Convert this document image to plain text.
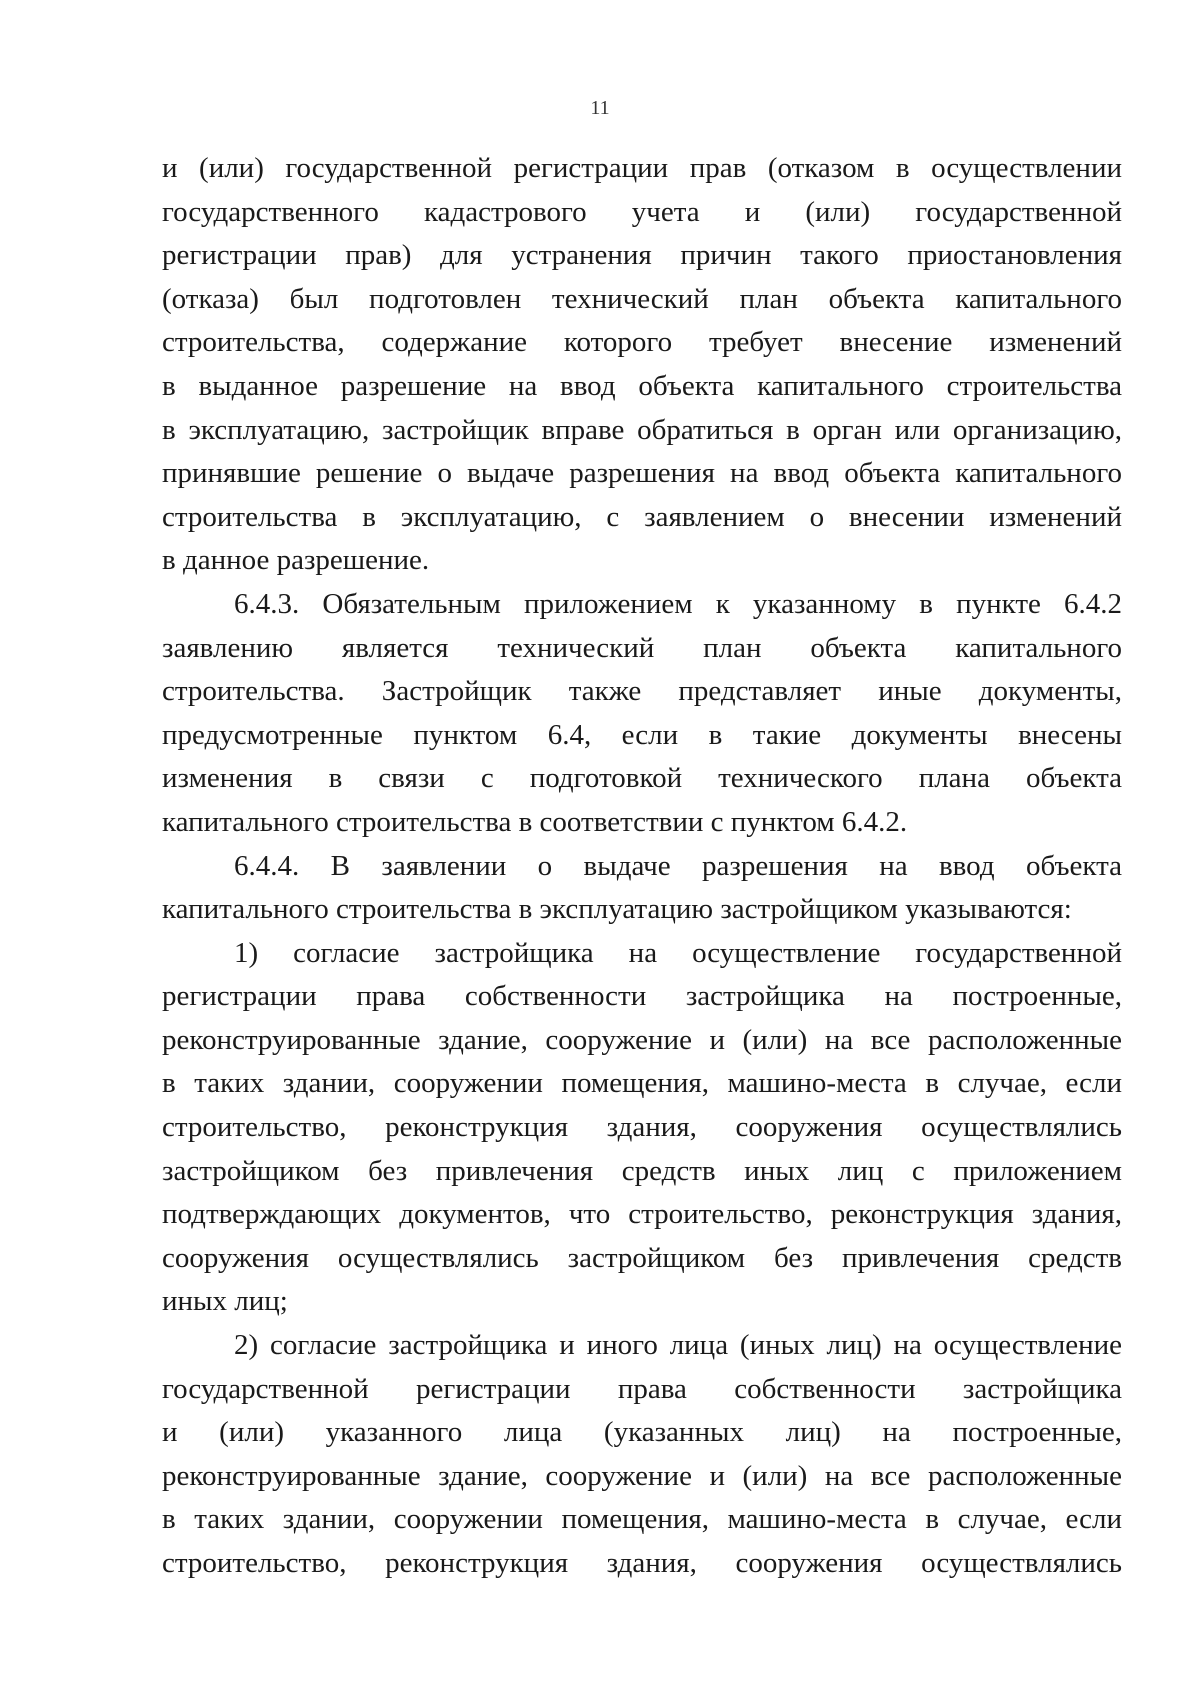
11
и (или) государственной регистрации прав (отказом в осуществлении
государственного кадастрового учета и (или) государственной
регистрации прав) для устранения причин такого приостановления
(отказа) был подготовлен технический план объекта капитального
строительства, содержание которого требует внесение изменений
в выданное разрешение на ввод объекта капитального строительства
в эксплуатацию, застройщик вправе обратиться в орган или организацию,
принявшие решение о выдаче разрешения на ввод объекта капитального
строительства в эксплуатацию, с заявлением о внесении изменений
в данное разрешение.
6.4.3. Обязательным приложением к указанному в пункте 6.4.2
заявлению является технический план объекта капитального
строительства. Застройщик также представляет иные документы,
предусмотренные пунктом 6.4, если в такие документы внесены
изменения в связи с подготовкой технического плана объекта
капитального строительства в соответствии с пунктом 6.4.2.
6.4.4. В заявлении о выдаче разрешения на ввод объекта
капитального строительства в эксплуатацию застройщиком указываются:
1) согласие застройщика на осуществление государственной
регистрации права собственности застройщика на построенные,
реконструированные здание, сооружение и (или) на все расположенные
в таких здании, сооружении помещения, машино-места в случае, если
строительство, реконструкция здания, сооружения осуществлялись
застройщиком без привлечения средств иных лиц с приложением
подтверждающих документов, что строительство, реконструкция здания,
сооружения осуществлялись застройщиком без привлечения средств
иных лиц;
2) согласие застройщика и иного лица (иных лиц) на осуществление
государственной регистрации права собственности застройщика
и (или) указанного лица (указанных лиц) на построенные,
реконструированные здание, сооружение и (или) на все расположенные
в таких здании, сооружении помещения, машино-места в случае, если
строительство, реконструкция здания, сооружения осуществлялись
